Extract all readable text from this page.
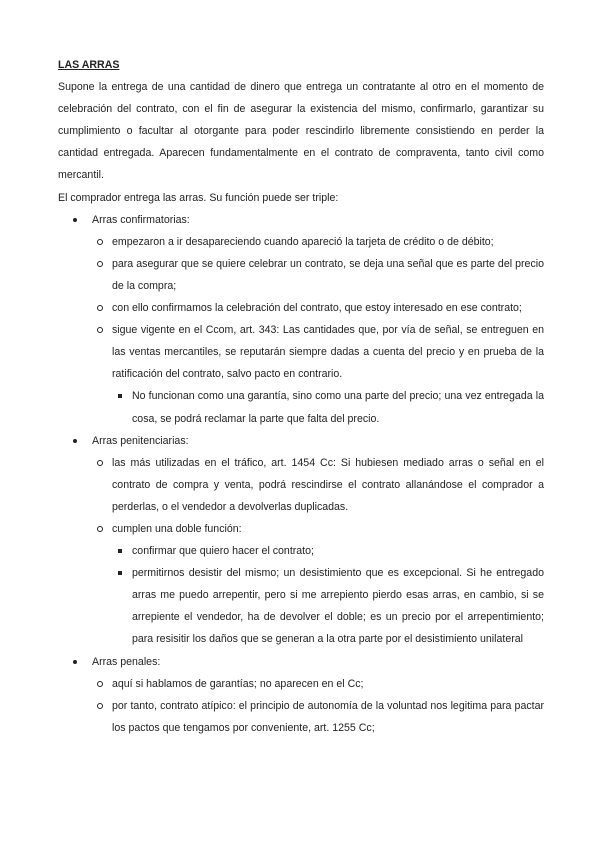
LAS ARRAS

Supone la entrega de una cantidad de dinero que entrega un contratante al otro en el momento de celebración del contrato, con el fin de asegurar la existencia del mismo, confirmarlo, garantizar su cumplimiento o facultar al otorgante para poder rescindirlo libremente consistiendo en perder la cantidad entregada. Aparecen fundamentalmente en el contrato de compraventa, tanto civil como mercantil.

El comprador entrega las arras. Su función puede ser triple:

Arras confirmatorias:
empezaron a ir desapareciendo cuando apareció la tarjeta de crédito o de débito;
para asegurar que se quiere celebrar un contrato, se deja una señal que es parte del precio de la compra;
con ello confirmamos la celebración del contrato, que estoy interesado en ese contrato;
sigue vigente en el Ccom, art. 343: Las cantidades que, por vía de señal, se entreguen en las ventas mercantiles, se reputarán siempre dadas a cuenta del precio y en prueba de la ratificación del contrato, salvo pacto en contrario.
No funcionan como una garantía, sino como una parte del precio; una vez entregada la cosa, se podrá reclamar la parte que falta del precio.
Arras penitenciarias:
las más utilizadas en el tráfico, art. 1454 Cc: Si hubiesen mediado arras o señal en el contrato de compra y venta, podrá rescindirse el contrato allanándose el comprador a perderlas, o el vendedor a devolverlas duplicadas.
cumplen una doble función:
confirmar que quiero hacer el contrato;
permitirnos desistir del mismo; un desistimiento que es excepcional. Si he entregado arras me puedo arrepentir, pero si me arrepiento pierdo esas arras, en cambio, si se arrepiente el vendedor, ha de devolver el doble; es un precio por el arrepentimiento; para resisitir los daños que se generan a la otra parte por el desistimiento unilateral
Arras penales:
aquí si hablamos de garantías; no aparecen en el Cc;
por tanto, contrato atípico: el principio de autonomía de la voluntad nos legitima para pactar los pactos que tengamos por conveniente, art. 1255 Cc;
